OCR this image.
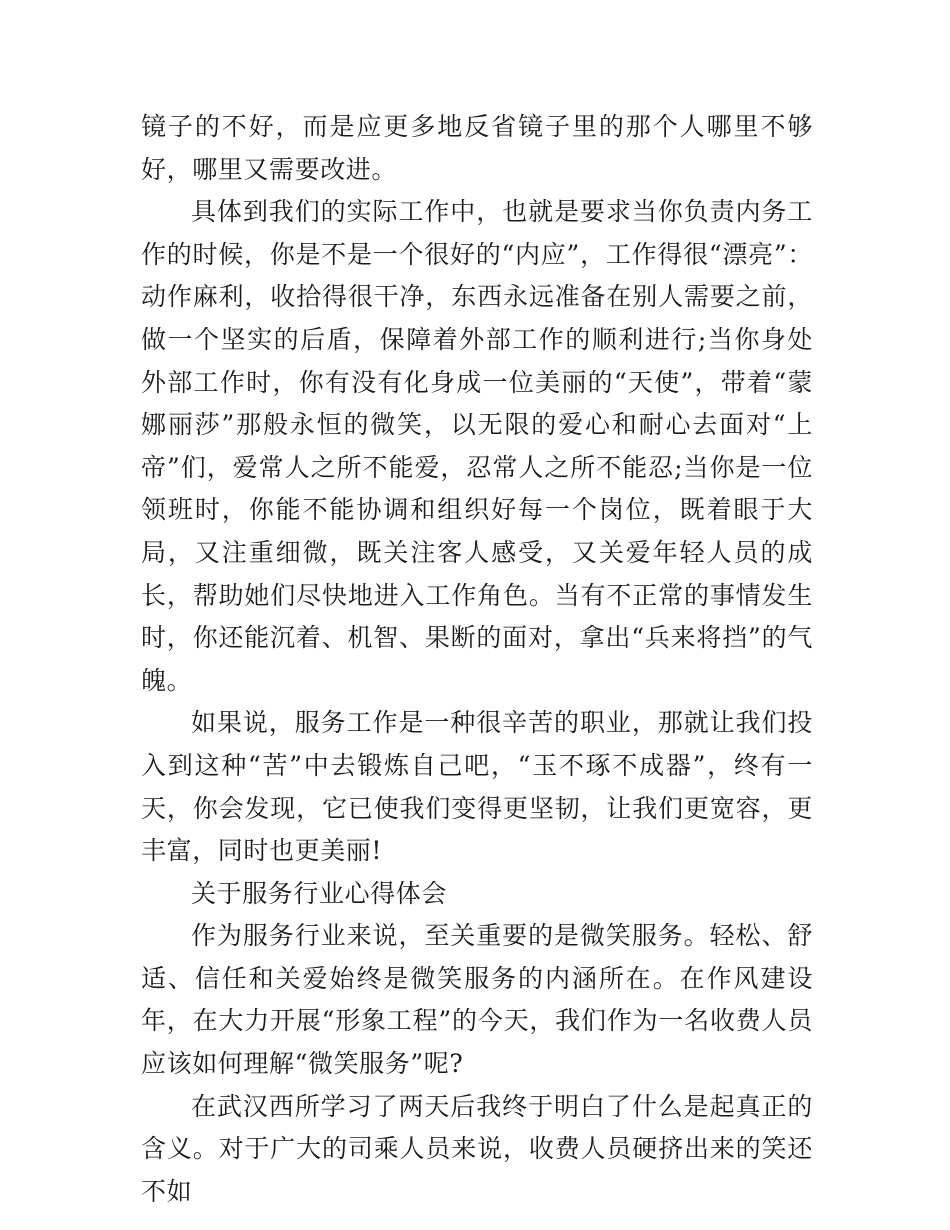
镜子的不好，而是应更多地反省镜子里的那个人哪里不够好，哪里又需要改进。

具体到我们的实际工作中，也就是要求当你负责内务工作的时候，你是不是一个很好的“内应”，工作得很“漂亮”：动作麻利，收拾得很干净，东西永远准备在别人需要之前，做一个坚实的后盾，保障着外部工作的顺利进行;当你身处外部工作时，你有没有化身成一位美丽的“天使”，带着“蒙娜丽莎”那般永恒的微笑，以无限的爱心和耐心去面对“上帝”们，爱常人之所不能爱，忍常人之所不能忍;当你是一位领班时，你能不能协调和组织好每一个岗位，既着眼于大局，又注重细微，既关注客人感受，又关爱年轻人员的成长，帮助她们尽快地进入工作角色。当有不正常的事情发生时，你还能沉着、机智、果断的面对，拿出“兵来将挡”的气魄。

如果说，服务工作是一种很辛苦的职业，那就让我们投入到这种“苦”中去锻炼自己吧，“玉不琢不成器”，终有一天，你会发现，它已使我们变得更坚韧，让我们更宽容，更丰富，同时也更美丽!

关于服务行业心得体会

作为服务行业来说，至关重要的是微笑服务。轻松、舒适、信任和关爱始终是微笑服务的内涵所在。在作风建设年，在大力开展“形象工程”的今天，我们作为一名收费人员应该如何理解“微笑服务”呢?

在武汉西所学习了两天后我终于明白了什么是起真正的含义。对于广大的司乘人员来说，收费人员硬挤出来的笑还不如
